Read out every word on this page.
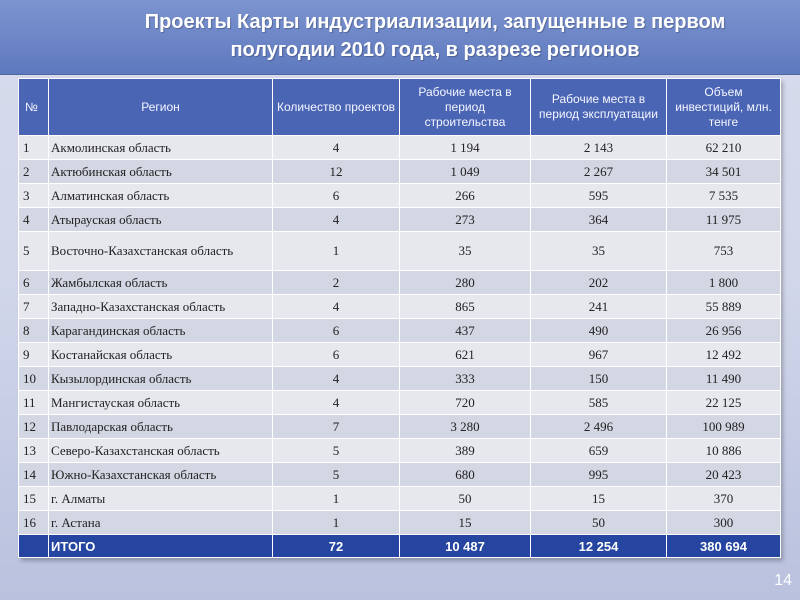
Проекты Карты индустриализации, запущенные в первом
полугодии 2010 года, в разрезе регионов
№	Регион	Количество проектов	Рабочие места в период строительства	Рабочие места в период эксплуатации	Объем инвестиций, млн. тенге

1	Акмолинская область	4	1 194	2 143	62 210
2	Актюбинская область	12	1 049	2 267	34 501
3	Алматинская область	6	266	595	7 535
4	Атырауская область	4	273	364	11 975
5	Восточно-Казахстанская область	1	35	35	753
6	Жамбылская область	2	280	202	1 800
7	Западно-Казахстанская область	4	865	241	55 889
8	Карагандинская область	6	437	490	26 956
9	Костанайская область	6	621	967	12 492
10	Кызылординская область	4	333	150	11 490
11	Мангистауская область	4	720	585	22 125
12	Павлодарская область	7	3 280	2 496	100 989
13	Северо-Казахстанская область	5	389	659	10 886
14	Южно-Казахстанская область	5	680	995	20 423
15	г. Алматы	1	50	15	370
16	г. Астана	1	15	50	300
	ИТОГО	72	10 487	12 254	380 694
14
